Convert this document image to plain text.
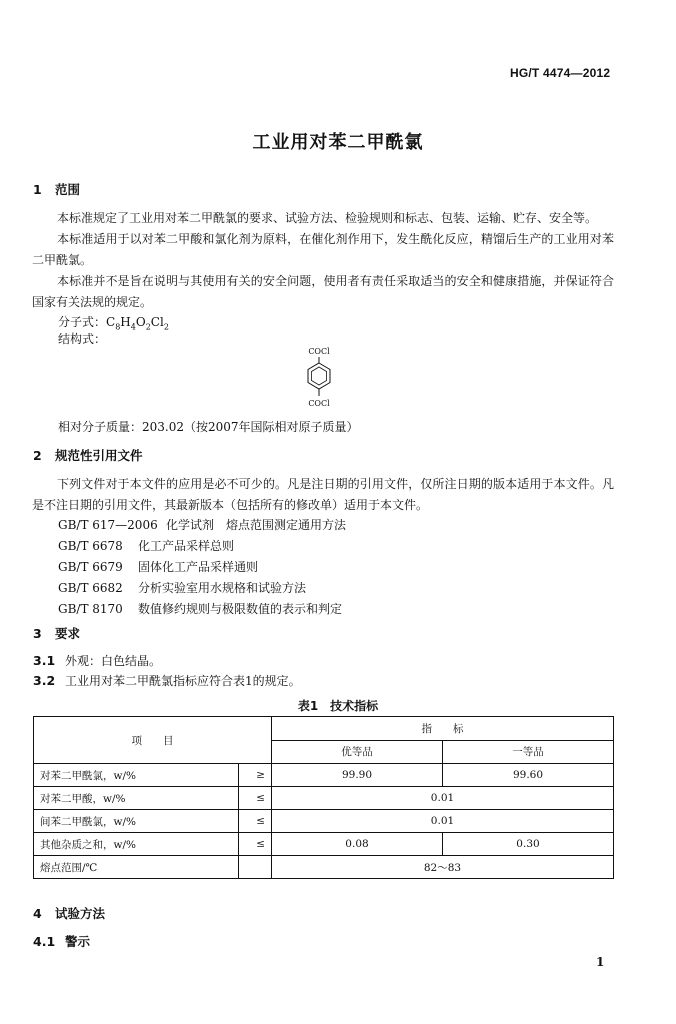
HG/T 4474—2012
工业用对苯二甲酰氯
1 范围
本标准规定了工业用对苯二甲酰氯的要求、试验方法、检验规则和标志、包装、运输、贮存、安全等。
本标准适用于以对苯二甲酸和氯化剂为原料，在催化剂作用下，发生酰化反应，精馏后生产的工业用对苯二甲酰氯。
本标准并不是旨在说明与其使用有关的安全问题，使用者有责任采取适当的安全和健康措施，并保证符合国家有关法规的规定。
分子式：$C_8H_4O_2Cl_2$
结构式：
COCl
COCl
相对分子质量：203.02（按2007年国际相对原子质量）
2 规范性引用文件
下列文件对于本文件的应用是必不可少的。凡是注日期的引用文件，仅所注日期的版本适用于本文件。凡是不注日期的引用文件，其最新版本（包括所有的修改单）适用于本文件。
GB/T 617—2006 化学试剂　熔点范围测定通用方法
GB/T 6678 化工产品采样总则
GB/T 6679 固体化工产品采样通则
GB/T 6682 分析实验室用水规格和试验方法
GB/T 8170 数值修约规则与极限数值的表示和判定
3 要求
3.1 外观：白色结晶。
3.2 工业用对苯二甲酰氯指标应符合表1的规定。
表1　技术指标
项　　目		指　　标	
		优等品	一等品
对苯二甲酰氯，w/%	≥	99.90	99.60
对苯二甲酸，w/%	≤	0.01	
间苯二甲酰氯，w/%	≤	0.01	
其他杂质之和，w/%	≤	0.08	0.30
熔点范围/℃		82～83	
4 试验方法
4.1 警示
1
